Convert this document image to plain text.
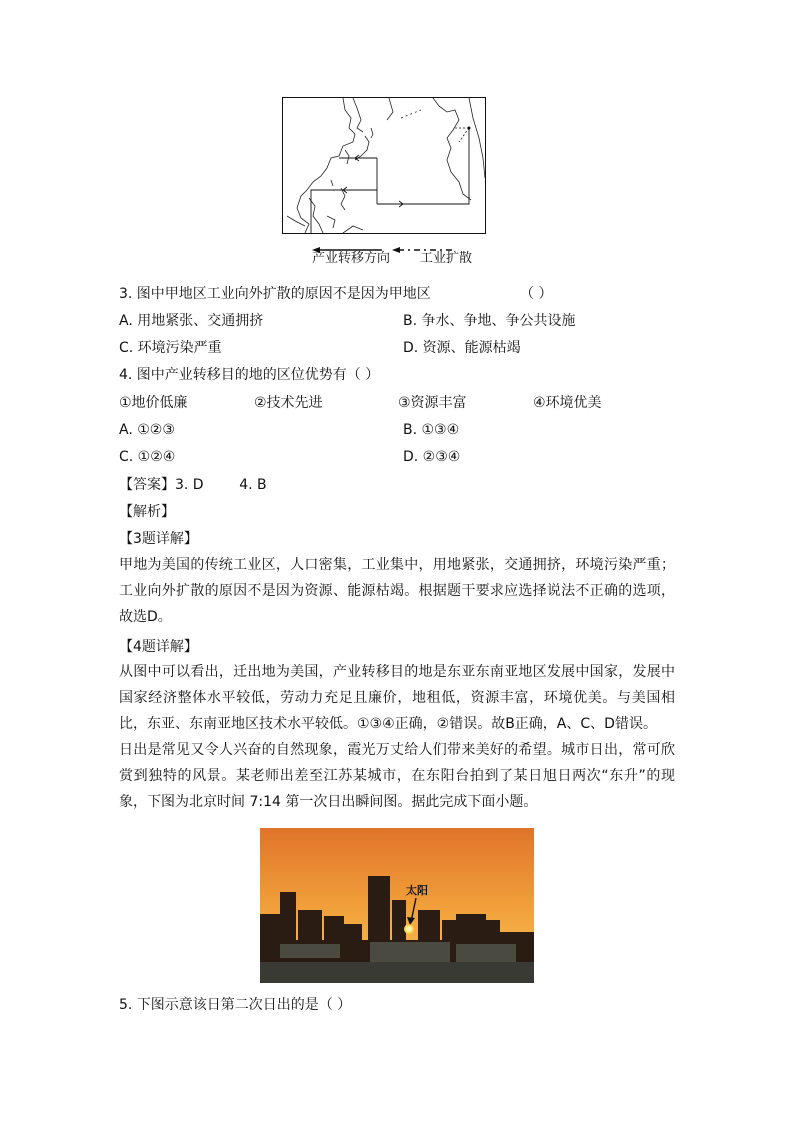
产业转移方向 工业扩散
3. 图中甲地区工业向外扩散的原因不是因为甲地区	（ ）
A. 用地紧张、交通拥挤	B. 争水、争地、争公共设施
C. 环境污染严重	D. 资源、能源枯竭
4. 图中产业转移目的地的区位优势有（ ）
①地价低廉	②技术先进	③资源丰富	④环境优美
A. ①②③	B. ①③④
C. ①②④	D. ②③④
【答案】3. D        4. B
【解析】
【3题详解】
甲地为美国的传统工业区，人口密集，工业集中，用地紧张，交通拥挤，环境污染严重；工业向外扩散的原因不是因为资源、能源枯竭。根据题干要求应选择说法不正确的选项，故选D。
【4题详解】
从图中可以看出，迁出地为美国，产业转移目的地是东亚东南亚地区发展中国家，发展中国家经济整体水平较低，劳动力充足且廉价，地租低，资源丰富，环境优美。与美国相比，东亚、东南亚地区技术水平较低。①③④正确，②错误。故B正确，A、C、D错误。
日出是常见又令人兴奋的自然现象，霞光万丈给人们带来美好的希望。城市日出，常可欣赏到独特的风景。某老师出差至江苏某城市，在东阳台拍到了某日旭日两次“东升”的现象，下图为北京时间 7:14 第一次日出瞬间图。据此完成下面小题。
太阳
5. 下图示意该日第二次日出的是（ ）
